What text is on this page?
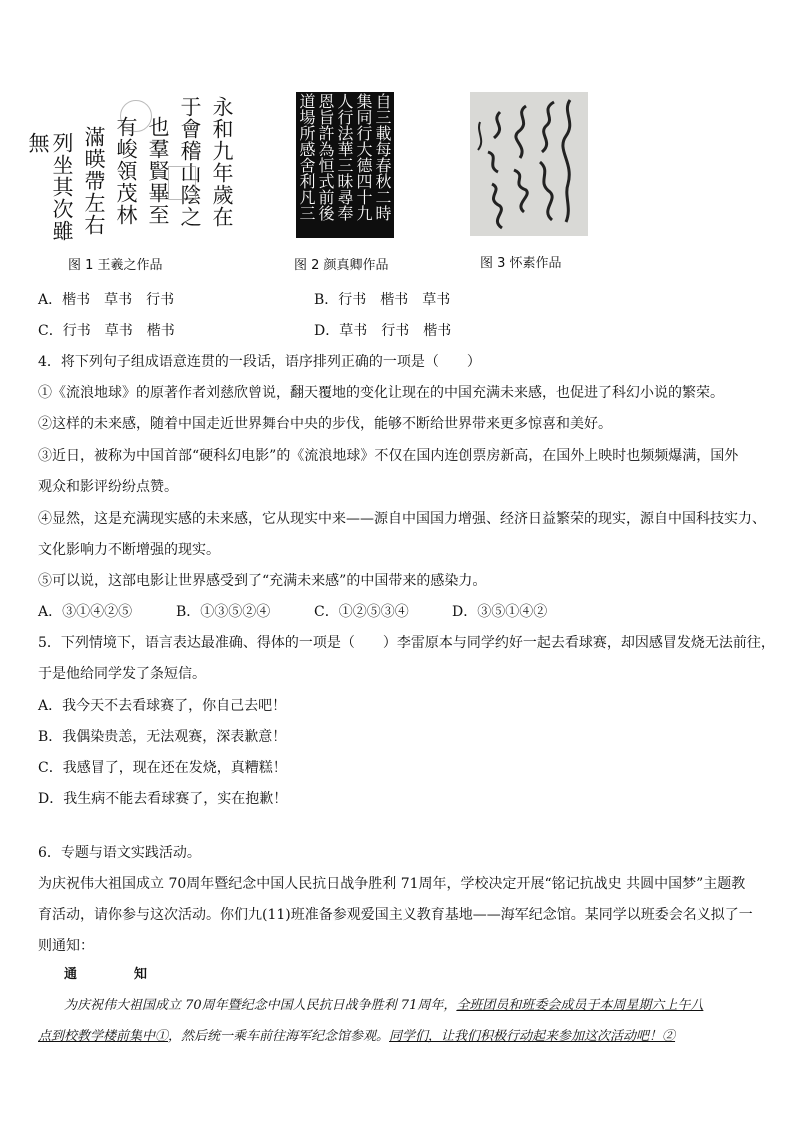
永和九年歲在
于會稽山陰之
也羣賢畢至
有峻領茂林
滿暎帶左右
列坐其次雖無
图 1 王羲之作品
自三載每春秋二時
集同行大德四十九
人行法華三昧尋奉
恩旨許為恒式前後
道場所感舍利凡三
图 2 颜真卿作品	图 3 怀素作品
A．楷书　草书　行书	B．行书　楷书　草书
C．行书　草书　楷书	D．草书　行书　楷书
4．将下列句子组成语意连贯的一段话，语序排列正确的一项是（　　）
①《流浪地球》的原著作者刘慈欣曾说，翻天覆地的变化让现在的中国充满未来感，也促进了科幻小说的繁荣。
②这样的未来感，随着中国走近世界舞台中央的步伐，能够不断给世界带来更多惊喜和美好。
③近日，被称为中国首部“硬科幻电影”的《流浪地球》不仅在国内连创票房新高，在国外上映时也频频爆满，国外
观众和影评纷纷点赞。
④显然，这是充满现实感的未来感，它从现实中来——源自中国国力增强、经济日益繁荣的现实，源自中国科技实力、
文化影响力不断增强的现实。
⑤可以说，这部电影让世界感受到了“充满未来感”的中国带来的感染力。
A．③①④②⑤	B．①③⑤②④	C．①②⑤③④	D．③⑤①④②
5．下列情境下，语言表达最准确、得体的一项是（　　）李雷原本与同学约好一起去看球赛，却因感冒发烧无法前往，
于是他给同学发了条短信。
A．我今天不去看球赛了，你自己去吧！
B．我偶染贵恙，无法观赛，深表歉意！
C．我感冒了，现在还在发烧，真糟糕！
D．我生病不能去看球赛了，实在抱歉！
6．专题与语文实践活动。
为庆祝伟大祖国成立 70周年暨纪念中国人民抗日战争胜利 71周年，学校决定开展“铭记抗战史 共圆中国梦”主题教
育活动，请你参与这次活动。你们九(11)班准备参观爱国主义教育基地——海军纪念馆。某同学以班委会名义拟了一
则通知：
通　知
为庆祝伟大祖国成立 70周年暨纪念中国人民抗日战争胜利 71周年，全班团员和班委会成员于本周星期六上午八
点到校教学楼前集中①，然后统一乘车前往海军纪念馆参观。同学们，让我们积极行动起来参加这次活动吧！②
